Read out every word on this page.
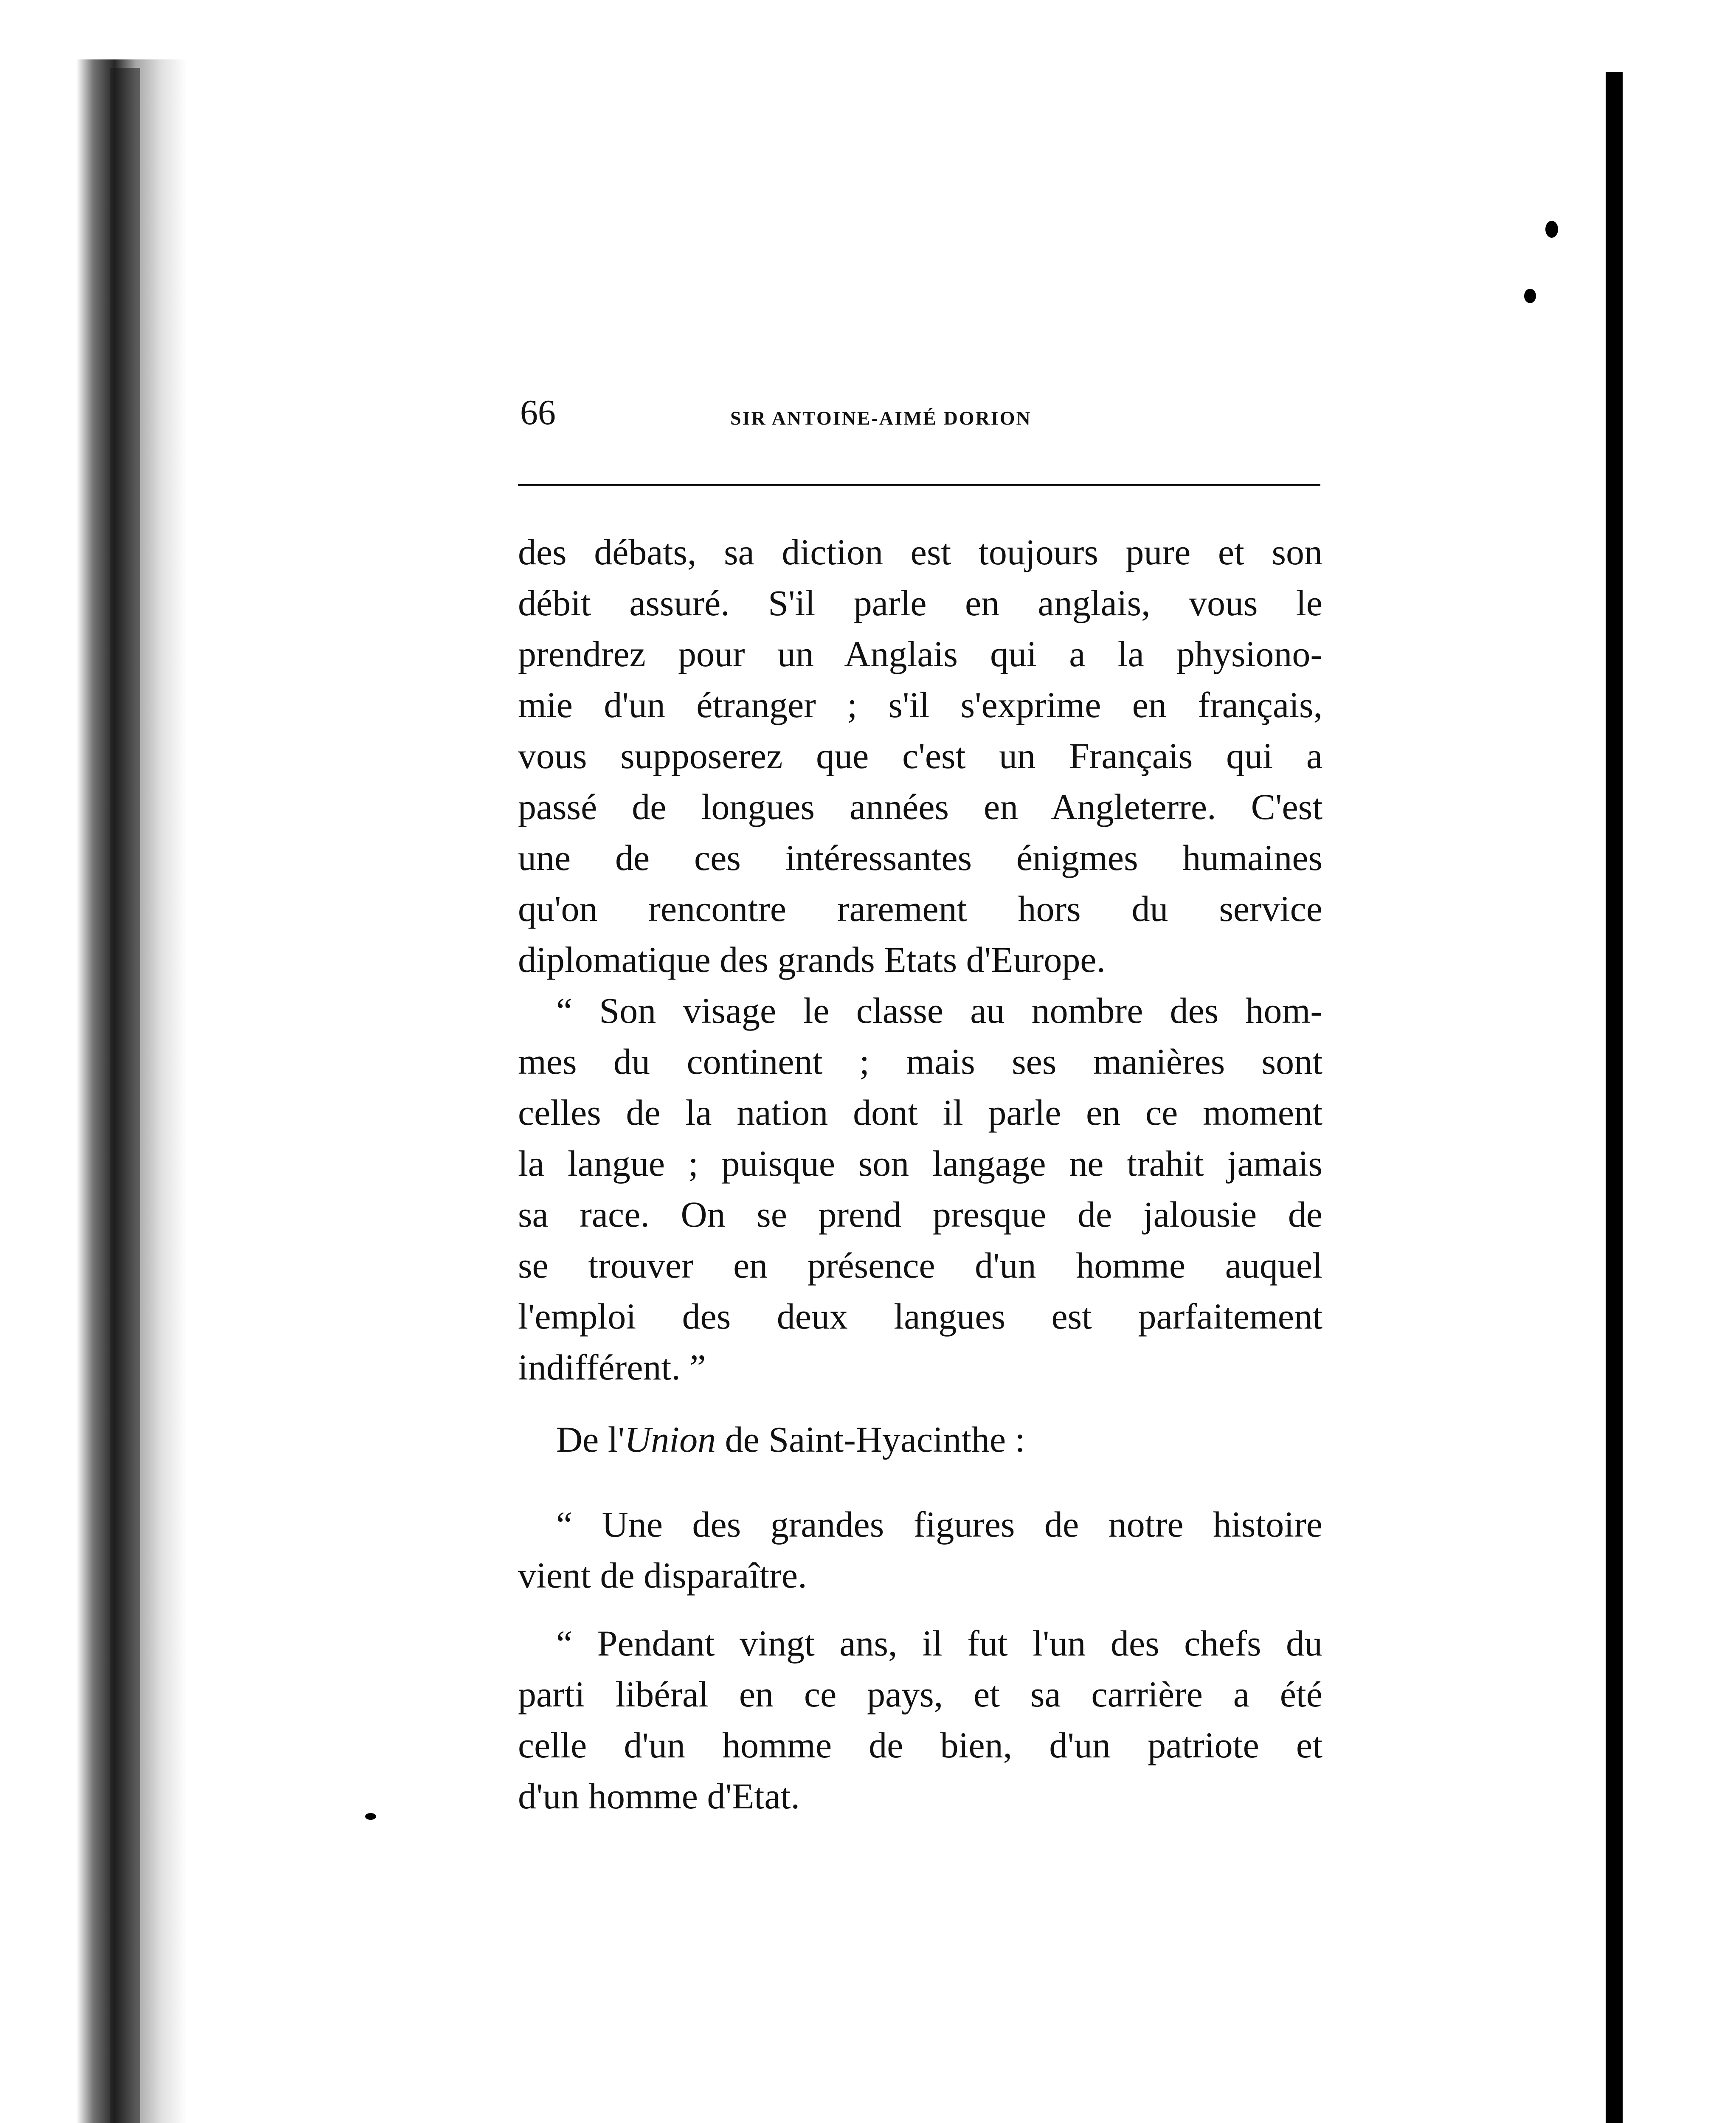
66	SIR ANTOINE-AIMÉ DORION
des débats, sa diction est toujours pure et son
débit assuré. S'il parle en anglais, vous le
prendrez pour un Anglais qui a la physiono-
mie d'un étranger ; s'il s'exprime en français,
vous supposerez que c'est un Français qui a
passé de longues années en Angleterre. C'est
une de ces intéressantes énigmes humaines
qu'on rencontre rarement hors du service
diplomatique des grands Etats d'Europe.
“ Son visage le classe au nombre des hom-
mes du continent ; mais ses manières sont
celles de la nation dont il parle en ce moment
la langue ; puisque son langage ne trahit jamais
sa race. On se prend presque de jalousie de
se trouver en présence d'un homme auquel
l'emploi des deux langues est parfaitement
indifférent. ”
De l'Union de Saint-Hyacinthe :
“ Une des grandes figures de notre histoire
vient de disparaître.
“ Pendant vingt ans, il fut l'un des chefs du
parti libéral en ce pays, et sa carrière a été
celle d'un homme de bien, d'un patriote et
d'un homme d'Etat.
